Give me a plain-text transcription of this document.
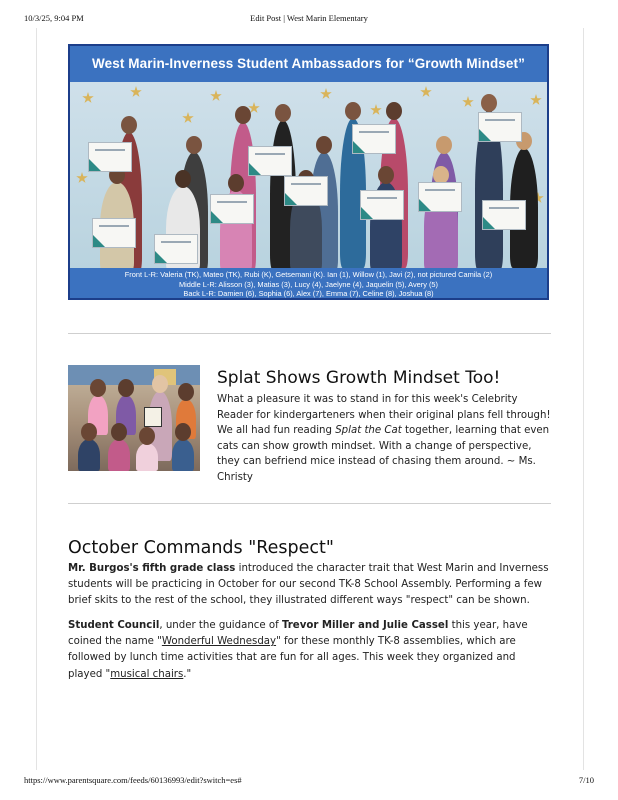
10/3/25, 9:04 PM	Edit Post | West Marin Elementary
West Marin-Inverness Student Ambassadors for “Growth Mindset”
Front L-R: Valeria (TK), Mateo (TK), Rubi (K), Getsemani (K). Ian (1), Willow (1), Javi (2), not pictured Camila (2)
Middle L-R: Alisson (3), Matias (3), Lucy (4), Jaelyne (4), Jaquelin (5), Avery (5)
Back L-R: Damien (6), Sophia (6), Alex (7), Emma (7), Celine (8), Joshua (8)
Splat Shows Growth Mindset Too!
What a pleasure it was to stand in for this week's Celebrity Reader for kindergarteners when their original plans fell through! We all had fun reading Splat the Cat together, learning that even cats can show growth mindset. With a change of perspective, they can befriend mice instead of chasing them around. ~ Ms. Christy
October Commands "Respect"
Mr. Burgos's fifth grade class introduced the character trait that West Marin and Inverness students will be practicing in October for our second TK-8 School Assembly. Performing a few brief skits to the rest of the school, they illustrated different ways "respect" can be shown.
Student Council, under the guidance of Trevor Miller and Julie Cassel this year, have coined the name "Wonderful Wednesday" for these monthly TK-8 assemblies, which are followed by lunch time activities that are fun for all ages. This week they organized and played "musical chairs."
https://www.parentsquare.com/feeds/60136993/edit?switch=es#	7/10
